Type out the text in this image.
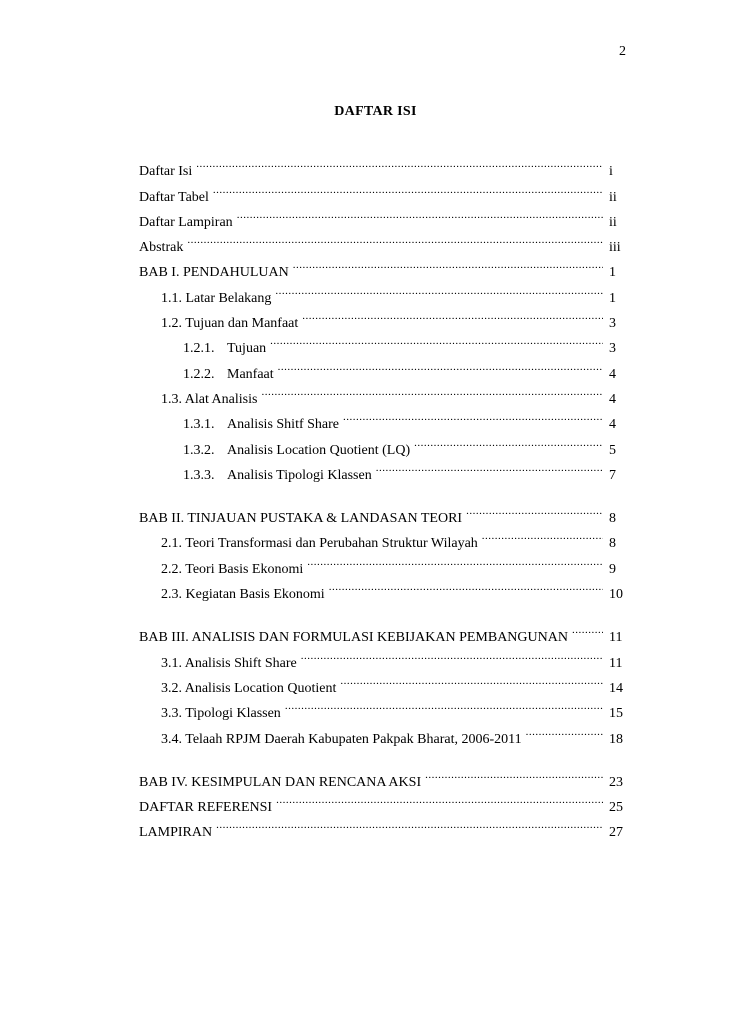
2
DAFTAR ISI
Daftar Isi .....	i
Daftar Tabel .....	ii
Daftar Lampiran .....	ii
Abstrak .....	iii
BAB I. PENDAHULUAN .....	1
1.1. Latar Belakang .....	1
1.2. Tujuan dan Manfaat .....	3
1.2.1. Tujuan .....	3
1.2.2. Manfaat .....	4
1.3. Alat Analisis .....	4
1.3.1. Analisis Shitf Share .....	4
1.3.2. Analisis Location Quotient (LQ) .....	5
1.3.3. Analisis Tipologi Klassen .....	7
BAB II. TINJAUAN PUSTAKA & LANDASAN TEORI .....	8
2.1. Teori Transformasi dan Perubahan Struktur Wilayah .....	8
2.2. Teori Basis Ekonomi .....	9
2.3. Kegiatan Basis Ekonomi .....	10
BAB III. ANALISIS DAN FORMULASI KEBIJAKAN PEMBANGUNAN .....	11
3.1. Analisis Shift Share .....	11
3.2. Analisis Location Quotient .....	14
3.3. Tipologi Klassen .....	15
3.4. Telaah RPJM Daerah Kabupaten Pakpak Bharat, 2006-2011 .....	18
BAB IV. KESIMPULAN DAN RENCANA AKSI .....	23
DAFTAR REFERENSI .....	25
LAMPIRAN .....	27
